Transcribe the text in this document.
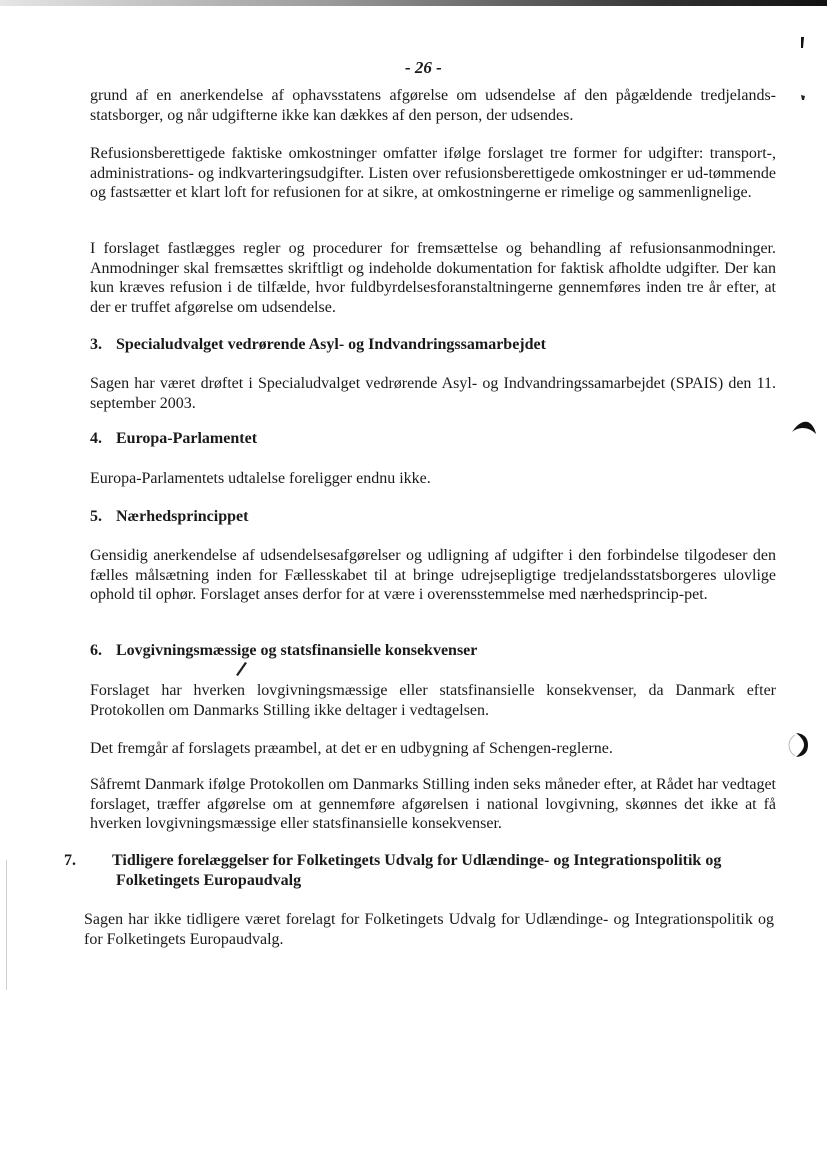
- 26 -

grund af en anerkendelse af ophavsstatens afgørelse om udsendelse af den pågældende tredjelands-statsborger, og når udgifterne ikke kan dækkes af den person, der udsendes.

Refusionsberettigede faktiske omkostninger omfatter ifølge forslaget tre former for udgifter: transport-, administrations- og indkvarteringsudgifter. Listen over refusionsberettigede omkostninger er ud-tømmende og fastsætter et klart loft for refusionen for at sikre, at omkostningerne er rimelige og sammenlignelige.

I forslaget fastlægges regler og procedurer for fremsættelse og behandling af refusionsanmodninger. Anmodninger skal fremsættes skriftligt og indeholde dokumentation for faktisk afholdte udgifter. Der kan kun kræves refusion i de tilfælde, hvor fuldbyrdelsesforanstaltningerne gennemføres inden tre år efter, at der er truffet afgørelse om udsendelse.

3. Specialudvalget vedrørende Asyl- og Indvandringssamarbejdet

Sagen har været drøftet i Specialudvalget vedrørende Asyl- og Indvandringssamarbejdet (SPAIS) den 11. september 2003.

4. Europa-Parlamentet

Europa-Parlamentets udtalelse foreligger endnu ikke.

5. Nærhedsprincippet

Gensidig anerkendelse af udsendelsesafgørelser og udligning af udgifter i den forbindelse tilgodeser den fælles målsætning inden for Fællesskabet til at bringe udrejsepligtige tredjelandsstatsborgeres ulovlige ophold til ophør. Forslaget anses derfor for at være i overensstemmelse med nærhedsprincip-pet.

6. Lovgivningsmæssige og statsfinansielle konsekvenser

Forslaget har hverken lovgivningsmæssige eller statsfinansielle konsekvenser, da Danmark efter Protokollen om Danmarks Stilling ikke deltager i vedtagelsen.

Det fremgår af forslagets præambel, at det er en udbygning af Schengen-reglerne.

Såfremt Danmark ifølge Protokollen om Danmarks Stilling inden seks måneder efter, at Rådet har vedtaget forslaget, træffer afgørelse om at gennemføre afgørelsen i national lovgivning, skønnes det ikke at få hverken lovgivningsmæssige eller statsfinansielle konsekvenser.

7. Tidligere forelæggelser for Folketingets Udvalg for Udlændinge- og Integrationspolitik og Folketingets Europaudvalg

Sagen har ikke tidligere været forelagt for Folketingets Udvalg for Udlændinge- og Integrationspolitik og for Folketingets Europaudvalg.
